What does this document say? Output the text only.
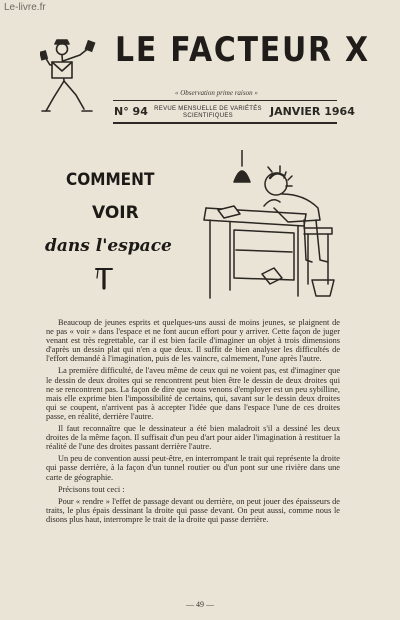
Le-livre.fr
LE FACTEUR X
« Observation prime raison »
N° 94 REVUE MENSUELLE DE VARIÉTÉS SCIENTIFIQUES	JANVIER 1964
COMMENT
VOIR
dans l'espace

Beaucoup de jeunes esprits et quelques-uns aussi de moins jeunes, se plaignent de ne pas « voir » dans l'espace et ne font aucun effort pour y arriver. Cette façon de juger venant est très regrettable, car il est bien facile d'imaginer un objet à trois dimensions d'après un dessin plat qui n'en a que deux. Il suffit de bien analyser les difficultés de l'effort demandé à l'imagination, puis de les vaincre, calmement, l'une après l'autre.

La première difficulté, de l'aveu même de ceux qui ne voient pas, est d'imaginer que le dessin de deux droites qui se rencontrent peut bien être le dessin de deux droites qui ne se rencontrent pas. La façon de dire que nous venons d'employer est un peu sybilline, mais elle exprime bien l'impossibilité de certains, qui, savant sur le dessin deux droites qui se coupent, n'arrivent pas à accepter l'idée que dans l'espace l'une de ces droites passe, en réalité, derrière l'autre.

Il faut reconnaître que le dessinateur a été bien maladroit s'il a dessiné les deux droites de la même façon. Il suffisait d'un peu d'art pour aider l'imagination à restituer la réalité de l'une des droites passant derrière l'autre.

Un peu de convention aussi peut-être, en interrompant le trait qui représente la droite qui passe derrière, à la façon d'un tunnel routier ou d'un pont sur une rivière dans une carte de géographie.

Précisons tout ceci :

Pour « rendre » l'effet de passage devant ou derrière, on peut jouer des épaisseurs de traits, le plus épais dessinant la droite qui passe devant. On peut aussi, comme nous le disons plus haut, interrompre le trait de la droite qui passe derrière.

— 49 —
